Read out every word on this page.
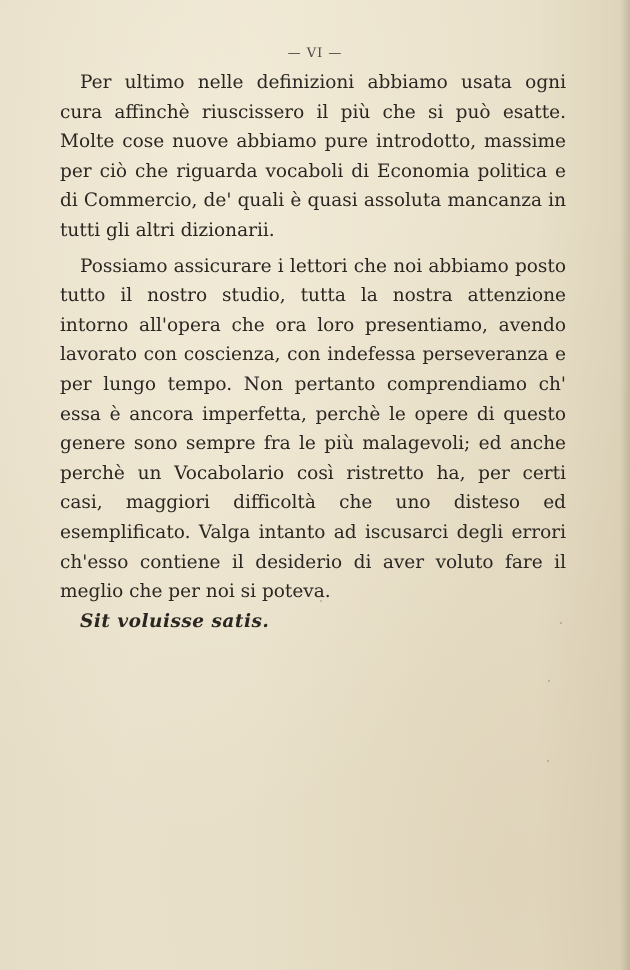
— VI —

Per ultimo nelle definizioni abbiamo usata ogni cura affinchè riuscissero il più che si può esatte. Molte cose nuove abbiamo pure introdotto, massime per ciò che riguarda vocaboli di Economia politica e di Commercio, de' quali è quasi assoluta mancanza in tutti gli altri dizionarii.

Possiamo assicurare i lettori che noi abbiamo posto tutto il nostro studio, tutta la nostra attenzione intorno all'opera che ora loro presentiamo, avendo lavorato con coscienza, con indefessa perseveranza e per lungo tempo. Non pertanto comprendiamo ch' essa è ancora imperfetta, perchè le opere di questo genere sono sempre fra le più malagevoli; ed anche perchè un Vocabolario così ristretto ha, per certi casi, maggiori difficoltà che uno disteso ed esemplificato. Valga intanto ad iscusarci degli errori ch'esso contiene il desiderio di aver voluto fare il meglio che per noi si poteva.
Sit voluisse satis.
